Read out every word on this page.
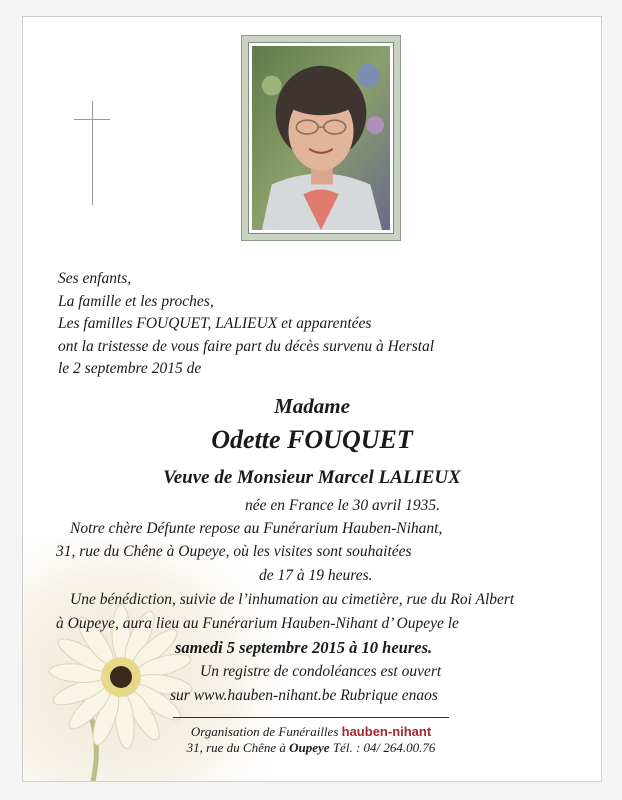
Ses enfants,
La famille et les proches,
Les familles FOUQUET, LALIEUX et apparentées
ont la tristesse de vous faire part du décès survenu à Herstal
le 2 septembre 2015 de
Madame
Odette FOUQUET
Veuve de Monsieur Marcel LALIEUX
née en France le 30 avril 1935.
Notre chère Défunte repose au Funérarium Hauben-Nihant,
31, rue du Chêne à Oupeye, où les visites sont souhaitées
de 17 à 19 heures.
Une bénédiction, suivie de l’inhumation au cimetière, rue du Roi Albert
à Oupeye, aura lieu au Funérarium Hauben-Nihant d’ Oupeye le
samedi 5 septembre 2015 à 10 heures.
Un registre de condoléances est ouvert
sur www.hauben-nihant.be Rubrique enaos
Organisation de Funérailles hauben-nihant
31, rue du Chêne à Oupeye Tél. : 04/ 264.00.76
